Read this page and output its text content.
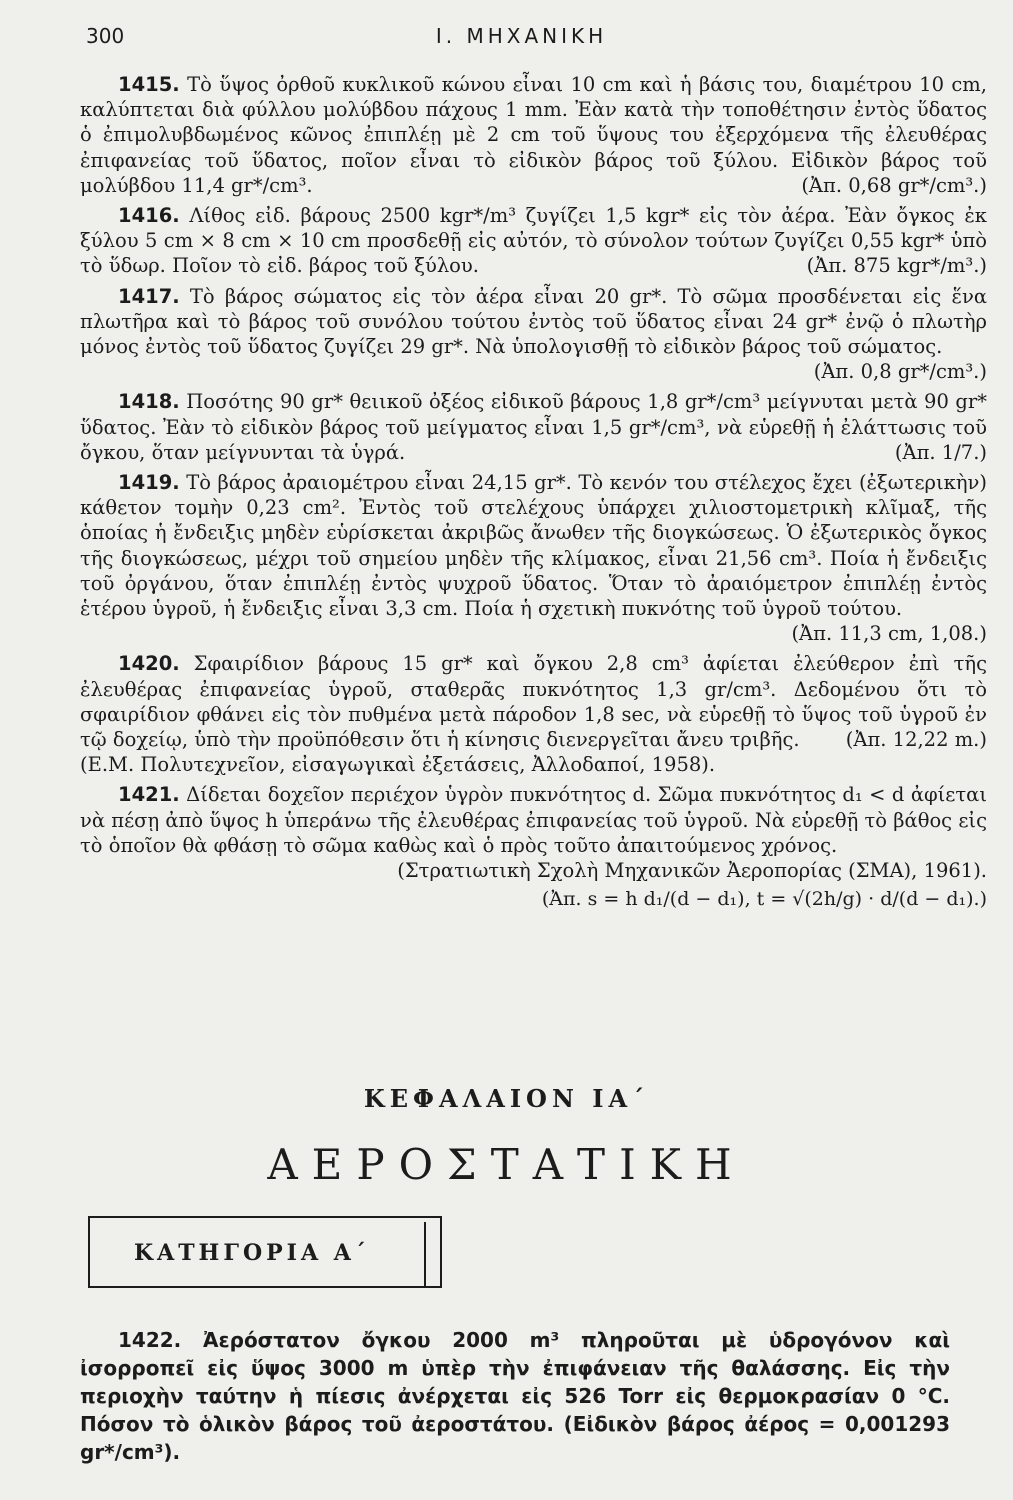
300	Ι. ΜΗΧΑΝΙΚΗ

1415. Τὸ ὕψος ὀρθοῦ κυκλικοῦ κώνου εἶναι 10 cm καὶ ἡ βάσις του, διαμέτρου 10 cm, καλύπτεται διὰ φύλλου μολύβδου πάχους 1 mm. Ἐὰν κατὰ τὴν τοποθέτησιν ἐντὸς ὕδατος ὁ ἐπιμολυβδωμένος κῶνος ἐπιπλέῃ μὲ 2 cm τοῦ ὕψους του ἐξερχόμενα τῆς ἐλευθέρας ἐπιφανείας τοῦ ὕδατος, ποῖον εἶναι τὸ εἰδικὸν βάρος τοῦ ξύλου. Εἰδικὸν βάρος τοῦ μολύβδου 11,4 gr*/cm³.	(Ἀπ. 0,68 gr*/cm³.)

1416. Λίθος εἰδ. βάρους 2500 kgr*/m³ ζυγίζει 1,5 kgr* εἰς τὸν ἀέρα. Ἐὰν ὄγκος ἐκ ξύλου 5 cm × 8 cm × 10 cm προσδεθῇ εἰς αὐτόν, τὸ σύνολον τούτων ζυγίζει 0,55 kgr* ὑπὸ τὸ ὕδωρ. Ποῖον τὸ εἰδ. βάρος τοῦ ξύλου.	(Ἀπ. 875 kgr*/m³.)

1417. Τὸ βάρος σώματος εἰς τὸν ἀέρα εἶναι 20 gr*. Τὸ σῶμα προσδένεται εἰς ἕνα πλωτῆρα καὶ τὸ βάρος τοῦ συνόλου τούτου ἐντὸς τοῦ ὕδατος εἶναι 24 gr* ἐνῷ ὁ πλωτὴρ μόνος ἐντὸς τοῦ ὕδατος ζυγίζει 29 gr*. Νὰ ὑπολογισθῇ τὸ εἰδικὸν βάρος τοῦ σώματος.
(Ἀπ. 0,8 gr*/cm³.)

1418. Ποσότης 90 gr* θειικοῦ ὀξέος εἰδικοῦ βάρους 1,8 gr*/cm³ μείγνυται μετὰ 90 gr* ὕδατος. Ἐὰν τὸ εἰδικὸν βάρος τοῦ μείγματος εἶναι 1,5 gr*/cm³, νὰ εὑρεθῇ ἡ ἐλάττωσις τοῦ ὄγκου, ὅταν μείγνυνται τὰ ὑγρά.	(Ἀπ. 1/7.)

1419. Τὸ βάρος ἀραιομέτρου εἶναι 24,15 gr*. Τὸ κενόν του στέλεχος ἔχει (ἐξωτερικὴν) κάθετον τομὴν 0,23 cm². Ἐντὸς τοῦ στελέχους ὑπάρχει χιλιοστομετρικὴ κλῖμαξ, τῆς ὁποίας ἡ ἔνδειξις μηδὲν εὑρίσκεται ἀκριβῶς ἄνωθεν τῆς διογκώσεως. Ὁ ἐξωτερικὸς ὄγκος τῆς διογκώσεως, μέχρι τοῦ σημείου μηδὲν τῆς κλίμακος, εἶναι 21,56 cm³. Ποία ἡ ἔνδειξις τοῦ ὀργάνου, ὅταν ἐπιπλέῃ ἐντὸς ψυχροῦ ὕδατος. Ὅταν τὸ ἀραιόμετρον ἐπιπλέῃ ἐντὸς ἑτέρου ὑγροῦ, ἡ ἔνδειξις εἶναι 3,3 cm. Ποία ἡ σχετικὴ πυκνότης τοῦ ὑγροῦ τούτου.
(Ἀπ. 11,3 cm, 1,08.)

1420. Σφαιρίδιον βάρους 15 gr* καὶ ὄγκου 2,8 cm³ ἀφίεται ἐλεύθερον ἐπὶ τῆς ἐλευθέρας ἐπιφανείας ὑγροῦ, σταθερᾶς πυκνότητος 1,3 gr/cm³. Δεδομένου ὅτι τὸ σφαιρίδιον φθάνει εἰς τὸν πυθμένα μετὰ πάροδον 1,8 sec, νὰ εὑρεθῇ τὸ ὕψος τοῦ ὑγροῦ ἐν τῷ δοχείῳ, ὑπὸ τὴν προϋπόθεσιν ὅτι ἡ κίνησις διενεργεῖται ἄνευ τριβῆς. (Ἀπ. 12,22 m.)
(Ε.Μ. Πολυτεχνεῖον, εἰσαγωγικαὶ ἐξετάσεις, Ἀλλοδαποί, 1958).

1421. Δίδεται δοχεῖον περιέχον ὑγρὸν πυκνότητος d. Σῶμα πυκνότητος d₁ < d ἀφίεται νὰ πέσῃ ἀπὸ ὕψος h ὑπεράνω τῆς ἐλευθέρας ἐπιφανείας τοῦ ὑγροῦ. Νὰ εὑρεθῇ τὸ βάθος εἰς τὸ ὁποῖον θὰ φθάσῃ τὸ σῶμα καθὼς καὶ ὁ πρὸς τοῦτο ἀπαιτούμενος χρόνος.
(Στρατιωτικὴ Σχολὴ Μηχανικῶν Ἀεροπορίας (ΣΜΑ), 1961).

(Ἀπ. s = h d₁/(d − d₁), t = √(2h/g) · d/(d − d₁).)
ΚΕΦΑΛΑΙΟΝ ΙΑ΄
ΑΕΡΟΣΤΑΤΙΚΗ
ΚΑΤΗΓΟΡΙΑ Α΄

1422. Ἀερόστατον ὄγκου 2000 m³ πληροῦται μὲ ὑδρογόνον καὶ ἰσορροπεῖ εἰς ὕψος 3000 m ὑπὲρ τὴν ἐπιφάνειαν τῆς θαλάσσης. Εἰς τὴν περιοχὴν ταύτην ἡ πίεσις ἀνέρχεται εἰς 526 Torr εἰς θερμοκρασίαν 0 °C. Πόσον τὸ ὁλικὸν βάρος τοῦ ἀεροστάτου. (Εἰδικὸν βάρος ἀέρος = 0,001293 gr*/cm³).
